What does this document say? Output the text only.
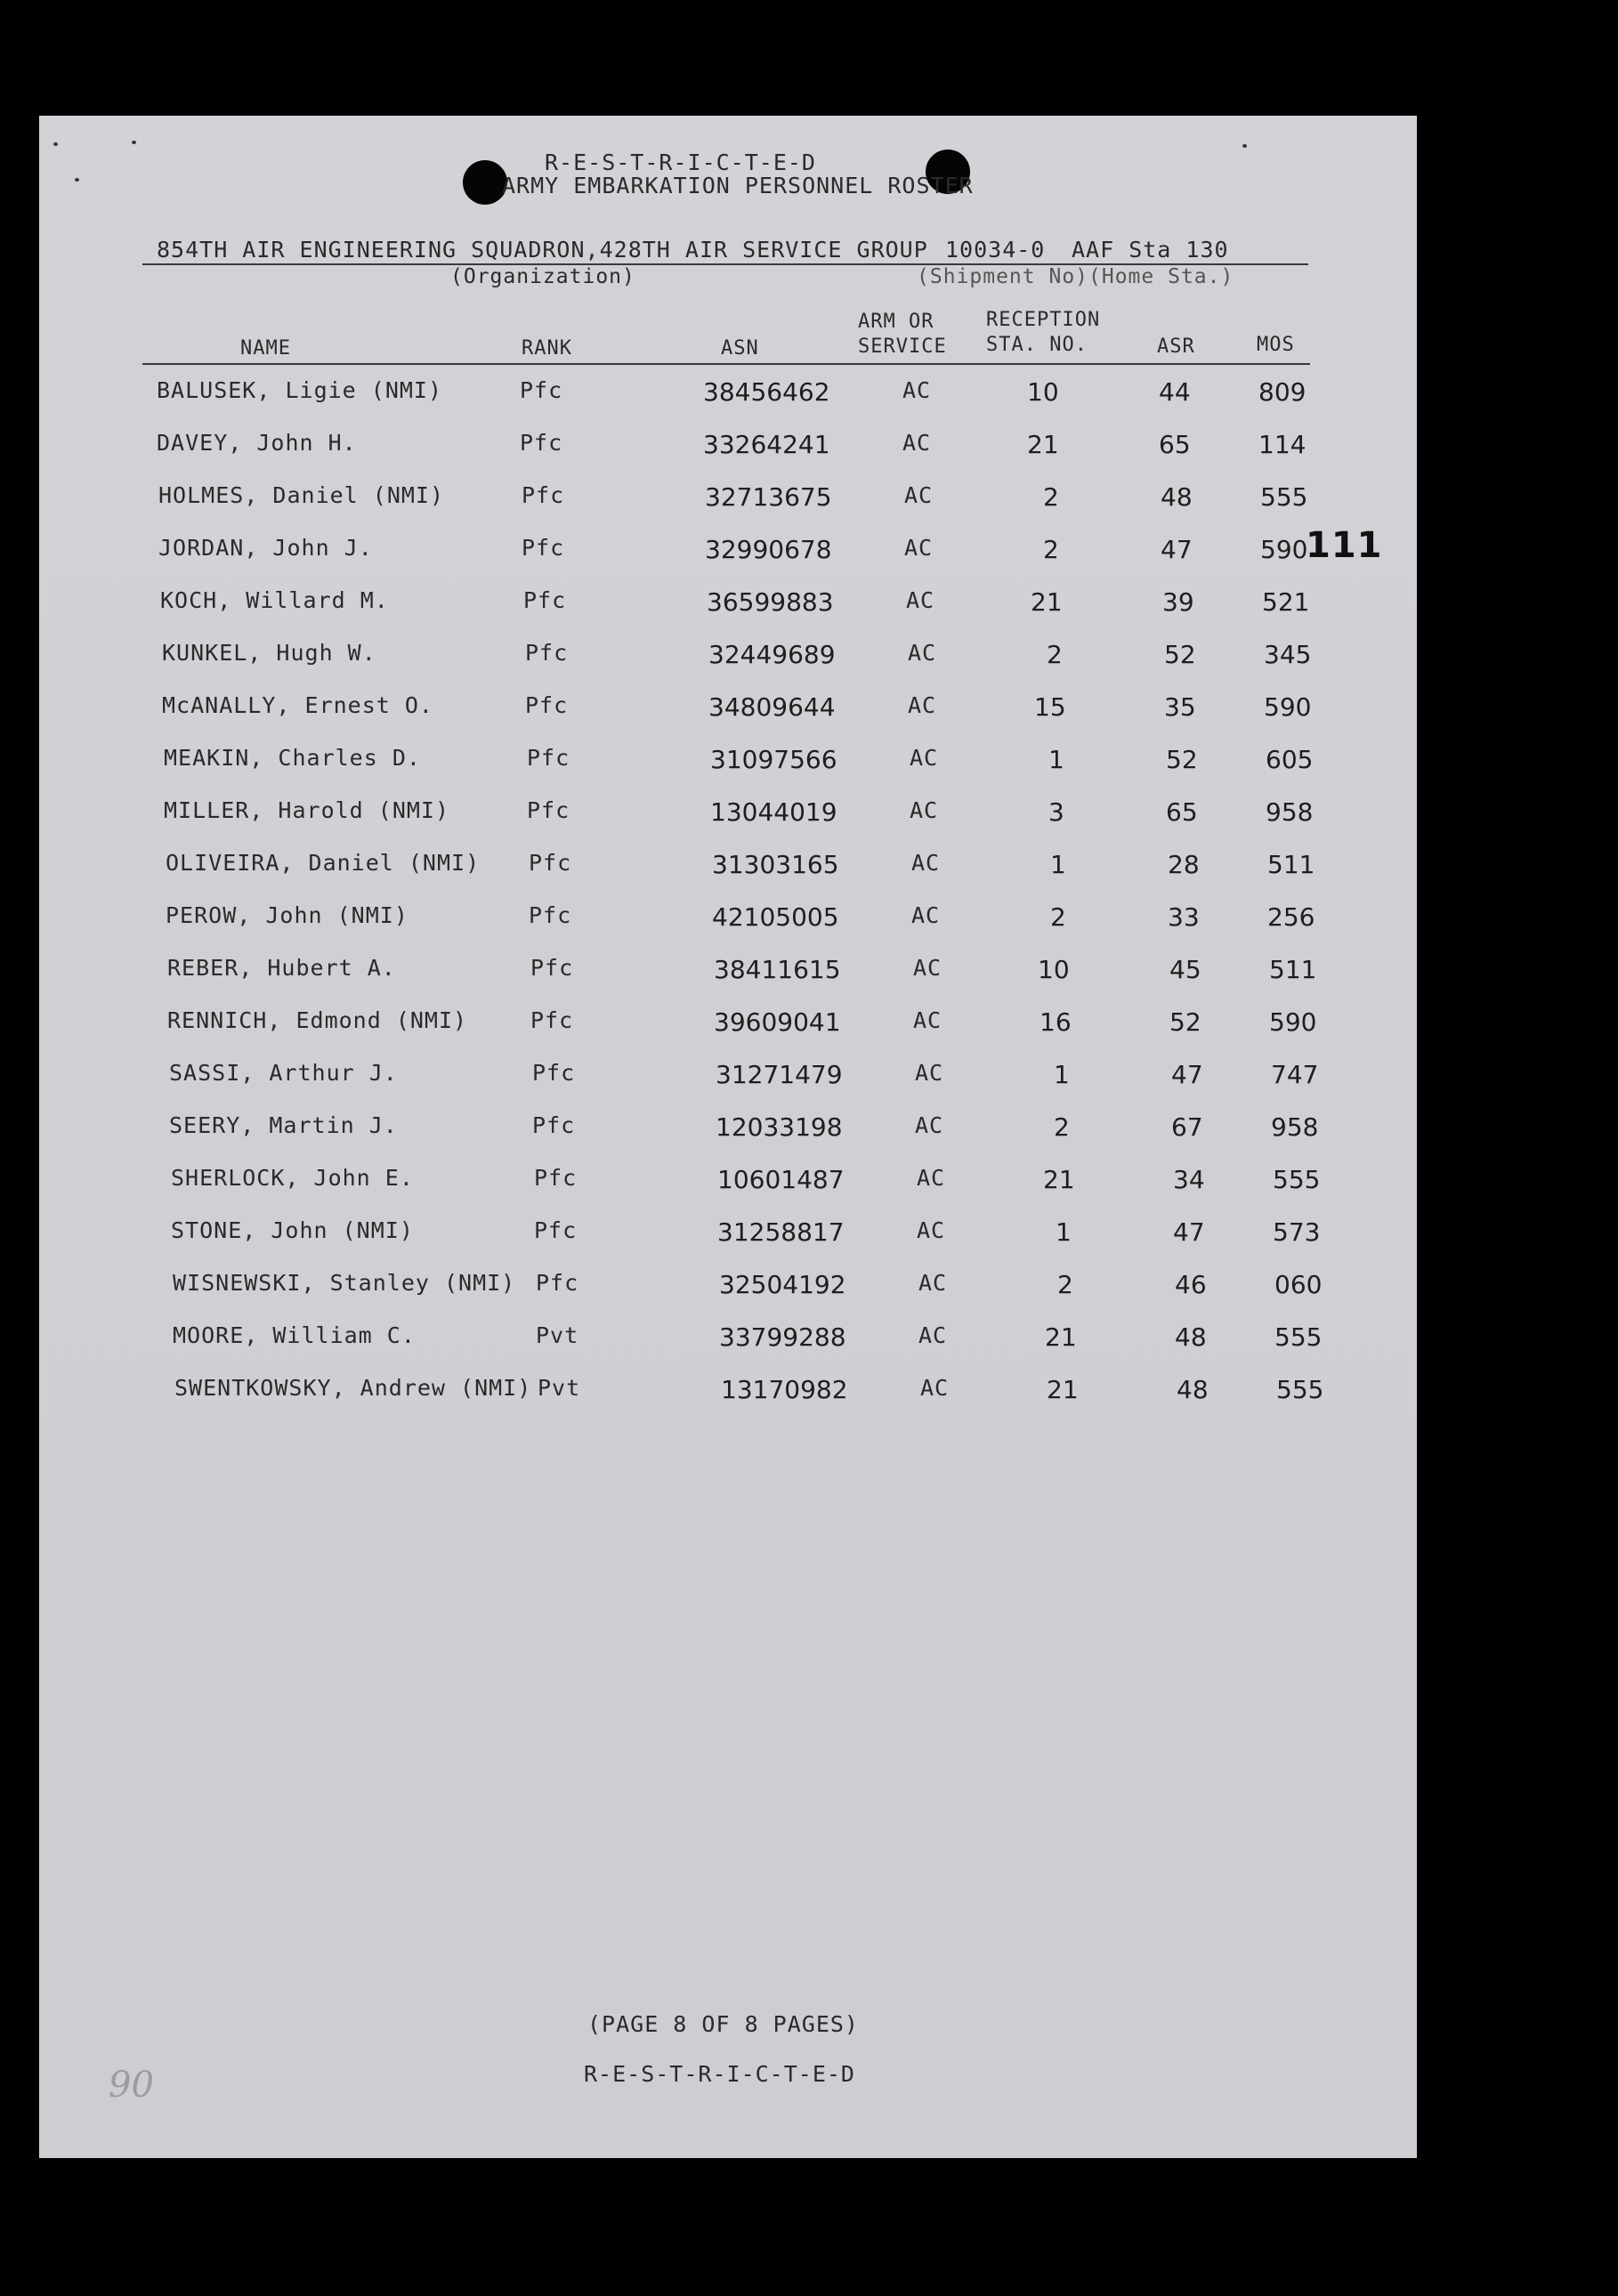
R-E-S-T-R-I-C-T-E-D
ARMY EMBARKATION PERSONNEL ROSTER
854TH AIR ENGINEERING SQUADRON,428TH AIR SERVICE GROUP 10034-0 AAF Sta 130
(Organization)	(Shipment No)(Home Sta.)
NAME	RANK	ASN
ARM OR
SERVICE
RECEPTION
STA. NO.	ASR	MOS
BALUSEK, Ligie (NMI)	Pfc	38456462	AC	10	44	809
DAVEY, John H.	Pfc	33264241	AC	21	65	114
HOLMES, Daniel (NMI)	Pfc	32713675	AC	2	48	555
JORDAN, John J.	Pfc	32990678	AC	2	47	590
KOCH, Willard M.	Pfc	36599883	AC	21	39	521
KUNKEL, Hugh W.	Pfc	32449689	AC	2	52	345
McANALLY, Ernest O.	Pfc	34809644	AC	15	35	590
MEAKIN, Charles D.	Pfc	31097566	AC	1	52	605
MILLER, Harold (NMI)	Pfc	13044019	AC	3	65	958
OLIVEIRA, Daniel (NMI) Pfc	31303165	AC	1	28	511
PEROW, John (NMI)	Pfc	42105005	AC	2	33	256
REBER, Hubert A.	Pfc	38411615	AC	10	45	511
RENNICH, Edmond (NMI)	Pfc	39609041	AC	16	52	590
SASSI, Arthur J.	Pfc	31271479	AC	1	47	747
SEERY, Martin J.	Pfc	12033198	AC	2	67	958
SHERLOCK, John E.	Pfc	10601487	AC	21	34	555
STONE, John (NMI)	Pfc	31258817	AC	1	47	573
WISNEWSKI, Stanley (NMI) Pfc	32504192	AC	2	46	060
MOORE, William C.	Pvt	33799288	AC	21	48	555
SWENTKOWSKY, Andrew (NMI) Pvt	13170982	AC	21	48	555
111
(PAGE 8 OF 8 PAGES)
R-E-S-T-R-I-C-T-E-D
90
